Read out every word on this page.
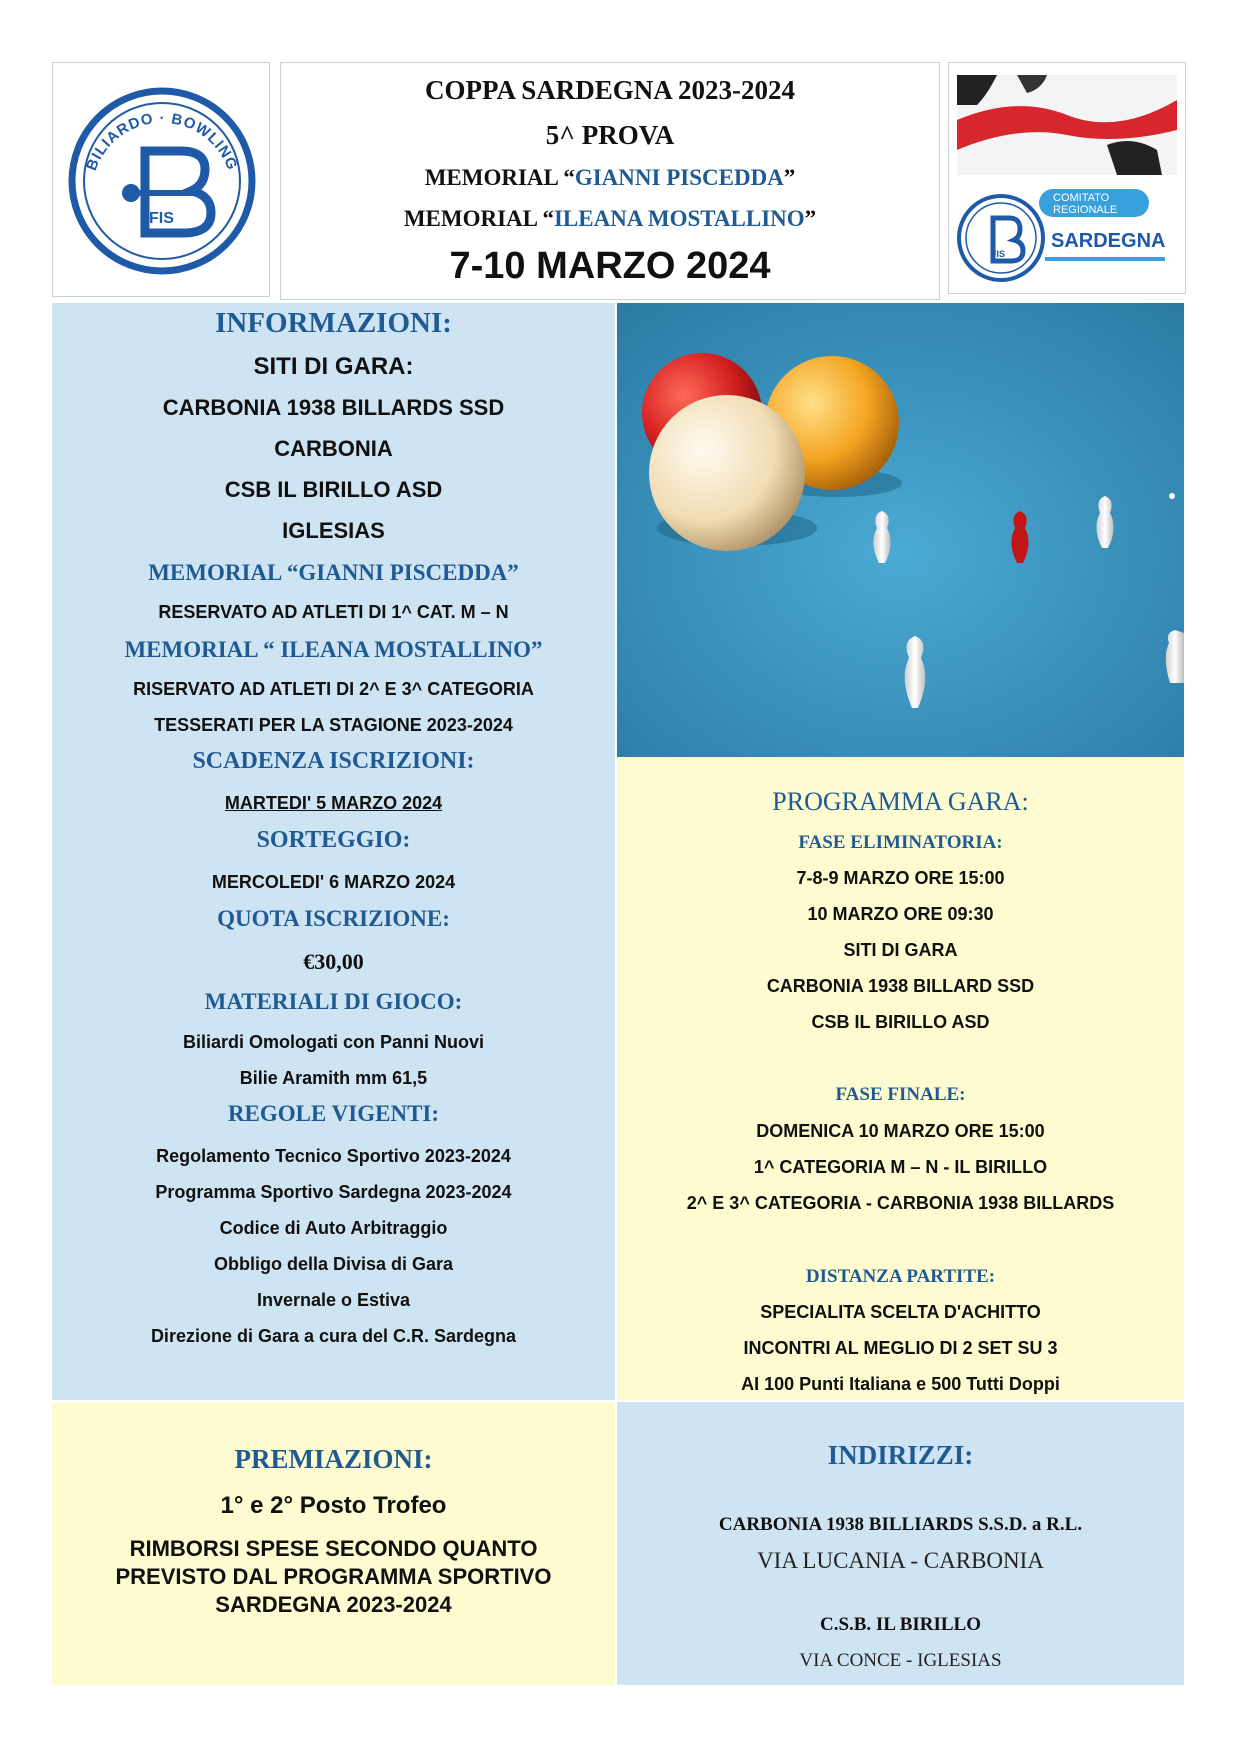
BILIARDO · BOWLING
FIS
COPPA SARDEGNA 2023-2024
5^ PROVA
MEMORIAL “GIANNI PISCEDDA”
MEMORIAL “ILEANA MOSTALLINO”
7-10 MARZO 2024
COMITATO
REGIONALE
FIS
SARDEGNA
INFORMAZIONI:
SITI DI GARA:
CARBONIA 1938 BILLARDS SSD
CARBONIA
CSB IL BIRILLO ASD
IGLESIAS
MEMORIAL “GIANNI PISCEDDA”
RESERVATO AD ATLETI DI 1^ CAT. M – N
MEMORIAL “ ILEANA MOSTALLINO”
RISERVATO AD ATLETI DI 2^ E 3^ CATEGORIA
TESSERATI PER LA STAGIONE 2023-2024
SCADENZA ISCRIZIONI:
MARTEDI' 5 MARZO 2024
SORTEGGIO:
MERCOLEDI' 6 MARZO 2024
QUOTA ISCRIZIONE:
€30,00
MATERIALI DI GIOCO:
Biliardi Omologati con Panni Nuovi
Bilie Aramith mm 61,5
REGOLE VIGENTI:
Regolamento Tecnico Sportivo 2023-2024
Programma Sportivo Sardegna 2023-2024
Codice di Auto Arbitraggio
Obbligo della Divisa di Gara
Invernale o Estiva
Direzione di Gara a cura del C.R. Sardegna
PROGRAMMA GARA:
FASE ELIMINATORIA:
7-8-9 MARZO ORE 15:00
10 MARZO ORE 09:30
SITI DI GARA
CARBONIA 1938 BILLARD SSD
CSB IL BIRILLO ASD
FASE FINALE:
DOMENICA 10 MARZO ORE 15:00
1^ CATEGORIA M – N - IL BIRILLO
2^ E 3^ CATEGORIA - CARBONIA 1938 BILLARDS
DISTANZA PARTITE:
SPECIALITA SCELTA D'ACHITTO
INCONTRI AL MEGLIO DI 2 SET SU 3
AI 100 Punti Italiana e 500 Tutti Doppi
PREMIAZIONI:
1° e 2° Posto Trofeo
RIMBORSI SPESE SECONDO QUANTO
PREVISTO DAL PROGRAMMA SPORTIVO
SARDEGNA 2023-2024
INDIRIZZI:
CARBONIA 1938 BILLIARDS S.S.D. a R.L.
VIA LUCANIA - CARBONIA
C.S.B. IL BIRILLO
VIA CONCE - IGLESIAS
